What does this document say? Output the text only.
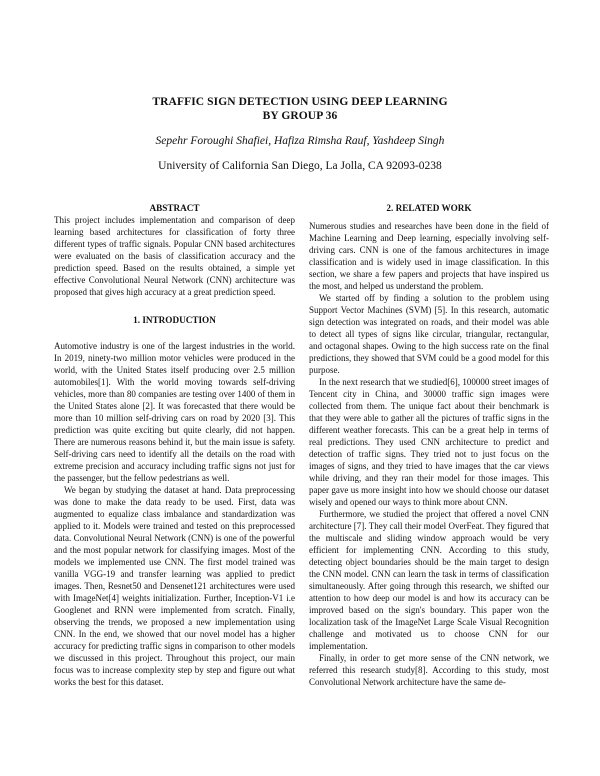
TRAFFIC SIGN DETECTION USING DEEP LEARNING
BY GROUP 36
Sepehr Foroughi Shafiei, Hafiza Rimsha Rauf, Yashdeep Singh
University of California San Diego, La Jolla, CA 92093-0238

ABSTRACT

This project includes implementation and comparison of deep learning based architectures for classification of forty three different types of traffic signals. Popular CNN based architectures were evaluated on the basis of classification accuracy and the prediction speed. Based on the results obtained, a simple yet effective Convolutional Neural Network (CNN) architecture was proposed that gives high accuracy at a great prediction speed.

1. INTRODUCTION

Automotive industry is one of the largest industries in the world. In 2019, ninety-two million motor vehicles were produced in the world, with the United States itself producing over 2.5 million automobiles[1]. With the world moving towards self-driving vehicles, more than 80 companies are testing over 1400 of them in the United States alone [2]. It was forecasted that there would be more than 10 million self-driving cars on road by 2020 [3]. This prediction was quite exciting but quite clearly, did not happen. There are numerous reasons behind it, but the main issue is safety. Self-driving cars need to identify all the details on the road with extreme precision and accuracy including traffic signs not just for the passenger, but the fellow pedestrians as well.

We began by studying the dataset at hand. Data preprocessing was done to make the data ready to be used. First, data was augmented to equalize class imbalance and standardization was applied to it. Models were trained and tested on this preprocessed data. Convolutional Neural Network (CNN) is one of the powerful and the most popular network for classifying images. Most of the models we implemented use CNN. The first model trained was vanilla VGG-19 and transfer learning was applied to predict images. Then, Resnet50 and Densenet121 architectures were used with ImageNet[4] weights initialization. Further, Inception-V1 i.e Googlenet and RNN were implemented from scratch. Finally, observing the trends, we proposed a new implementation using CNN. In the end, we showed that our novel model has a higher accuracy for predicting traffic signs in comparison to other models we discussed in this project. Throughout this project, our main focus was to increase complexity step by step and figure out what works the best for this dataset.

2. RELATED WORK

Numerous studies and researches have been done in the field of Machine Learning and Deep learning, especially involving self-driving cars. CNN is one of the famous architectures in image classification and is widely used in image classification. In this section, we share a few papers and projects that have inspired us the most, and helped us understand the problem.

We started off by finding a solution to the problem using Support Vector Machines (SVM) [5]. In this research, automatic sign detection was integrated on roads, and their model was able to detect all types of signs like circular, triangular, rectangular, and octagonal shapes. Owing to the high success rate on the final predictions, they showed that SVM could be a good model for this purpose.

In the next research that we studied[6], 100000 street images of Tencent city in China, and 30000 traffic sign images were collected from them. The unique fact about their benchmark is that they were able to gather all the pictures of traffic signs in the different weather forecasts. This can be a great help in terms of real predictions. They used CNN architecture to predict and detection of traffic signs. They tried not to just focus on the images of signs, and they tried to have images that the car views while driving, and they ran their model for those images. This paper gave us more insight into how we should choose our dataset wisely and opened our ways to think more about CNN.

Furthermore, we studied the project that offered a novel CNN architecture [7]. They call their model OverFeat. They figured that the multiscale and sliding window approach would be very efficient for implementing CNN. According to this study, detecting object boundaries should be the main target to design the CNN model. CNN can learn the task in terms of classification simultaneously. After going through this research, we shifted our attention to how deep our model is and how its accuracy can be improved based on the sign's boundary. This paper won the localization task of the ImageNet Large Scale Visual Recognition challenge and motivated us to choose CNN for our implementation.

Finally, in order to get more sense of the CNN network, we referred this research study[8]. According to this study, most Convolutional Network architecture have the same de-
